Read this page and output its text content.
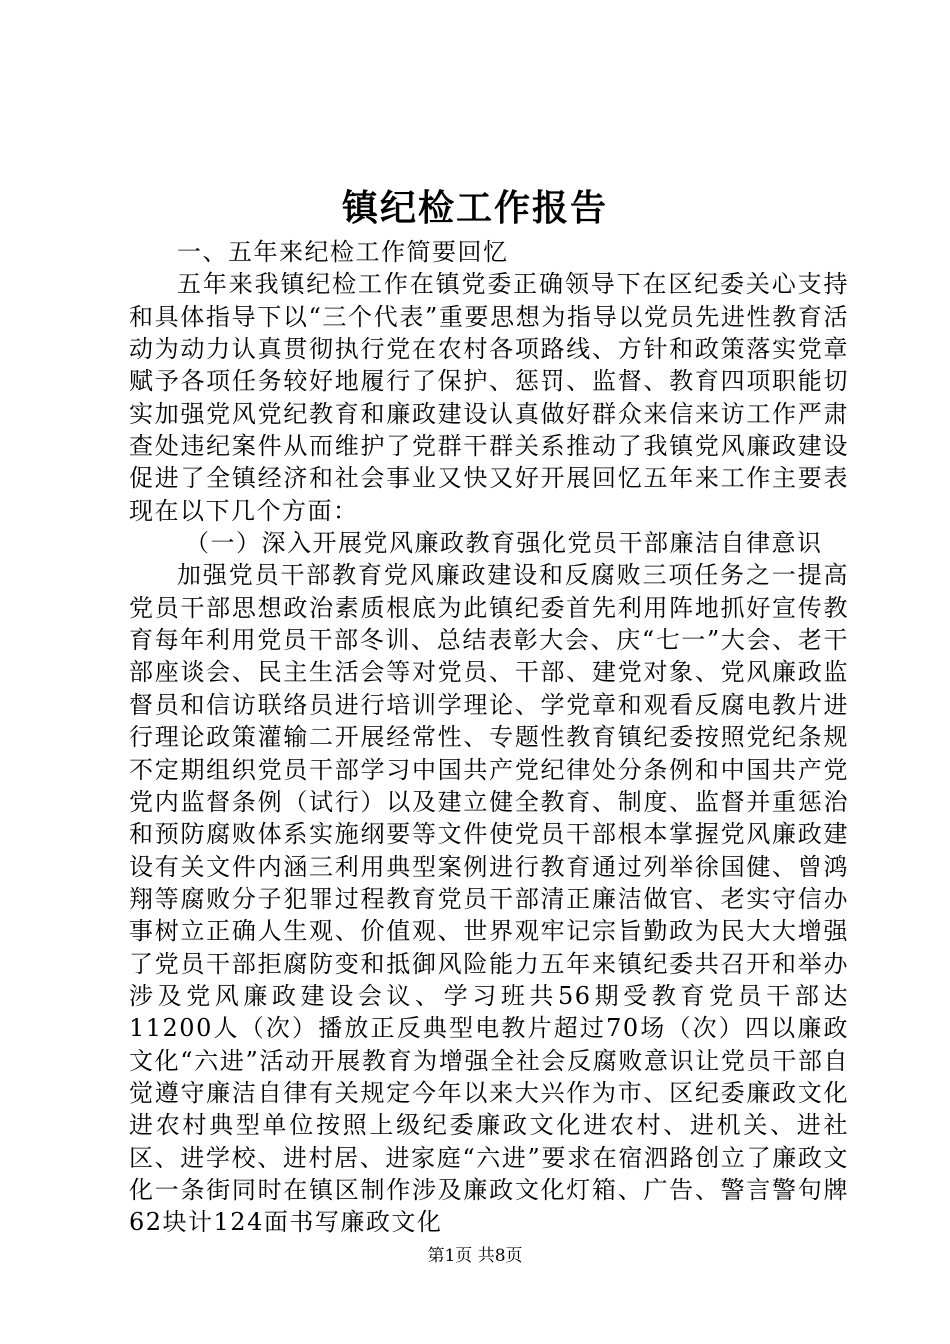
镇纪检工作报告

一、五年来纪检工作简要回忆

五年来我镇纪检工作在镇党委正确领导下在区纪委关心支持和具体指导下以“三个代表”重要思想为指导以党员先进性教育活动为动力认真贯彻执行党在农村各项路线、方针和政策落实党章赋予各项任务较好地履行了保护、惩罚、监督、教育四项职能切实加强党风党纪教育和廉政建设认真做好群众来信来访工作严肃查处违纪案件从而维护了党群干群关系推动了我镇党风廉政建设促进了全镇经济和社会事业又快又好开展回忆五年来工作主要表现在以下几个方面：

（一）深入开展党风廉政教育强化党员干部廉洁自律意识

加强党员干部教育党风廉政建设和反腐败三项任务之一提高党员干部思想政治素质根底为此镇纪委首先利用阵地抓好宣传教育每年利用党员干部冬训、总结表彰大会、庆“七一”大会、老干部座谈会、民主生活会等对党员、干部、建党对象、党风廉政监督员和信访联络员进行培训学理论、学党章和观看反腐电教片进行理论政策灌输二开展经常性、专题性教育镇纪委按照党纪条规不定期组织党员干部学习中国共产党纪律处分条例和中国共产党党内监督条例（试行）以及建立健全教育、制度、监督并重惩治和预防腐败体系实施纲要等文件使党员干部根本掌握党风廉政建设有关文件内涵三利用典型案例进行教育通过列举徐国健、曾鸿翔等腐败分子犯罪过程教育党员干部清正廉洁做官、老实守信办事树立正确人生观、价值观、世界观牢记宗旨勤政为民大大增强了党员干部拒腐防变和抵御风险能力五年来镇纪委共召开和举办涉及党风廉政建设会议、学习班共56期受教育党员干部达11200人（次）播放正反典型电教片超过70场（次）四以廉政文化“六进”活动开展教育为增强全社会反腐败意识让党员干部自觉遵守廉洁自律有关规定今年以来大兴作为市、区纪委廉政文化进农村典型单位按照上级纪委廉政文化进农村、进机关、进社区、进学校、进村居、进家庭“六进”要求在宿泗路创立了廉政文化一条街同时在镇区制作涉及廉政文化灯箱、广告、警言警句牌62块计124面书写廉政文化

第1页 共8页
